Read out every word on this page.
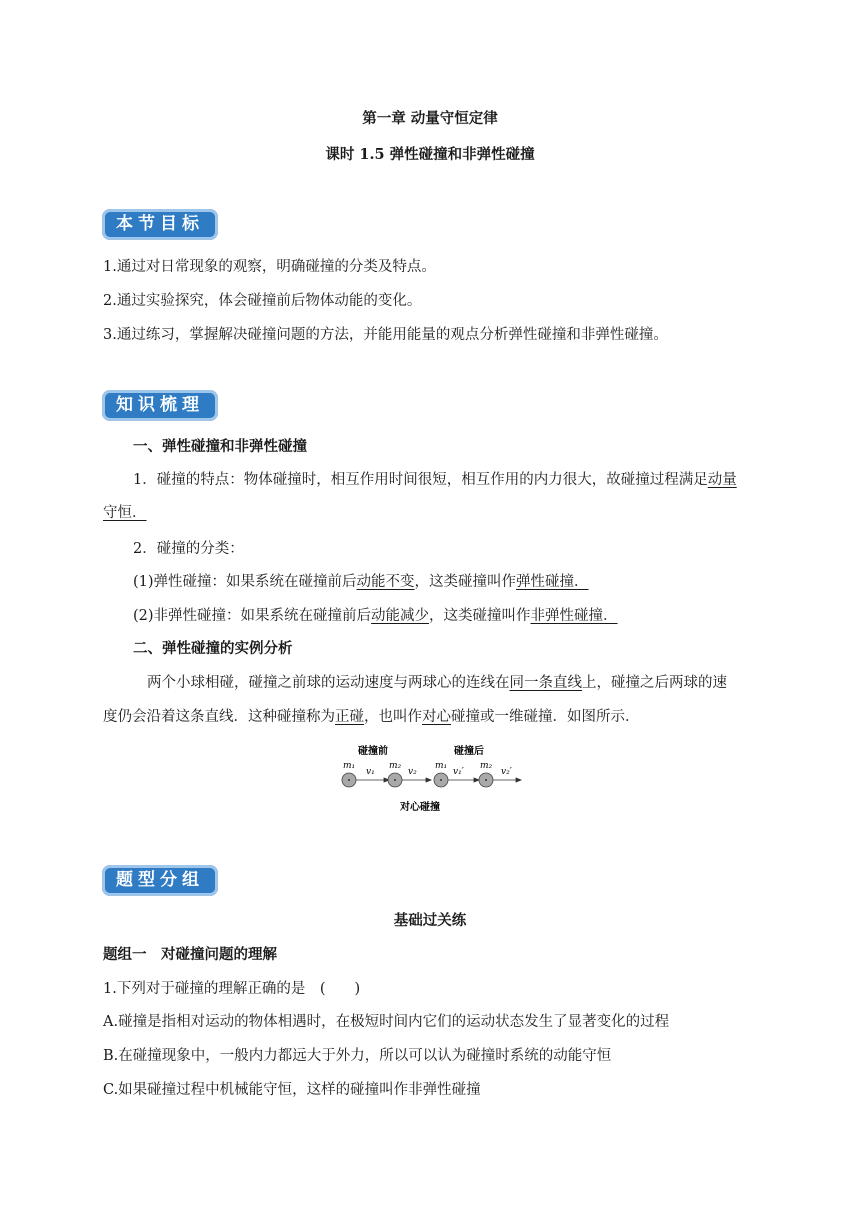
第一章 动量守恒定律
课时 1.5 弹性碰撞和非弹性碰撞
本节目标
1.通过对日常现象的观察，明确碰撞的分类及特点。
2.通过实验探究，体会碰撞前后物体动能的变化。
3.通过练习，掌握解决碰撞问题的方法，并能用能量的观点分析弹性碰撞和非弹性碰撞。
知识梳理
一、弹性碰撞和非弹性碰撞
1．碰撞的特点：物体碰撞时，相互作用时间很短，相互作用的内力很大，故碰撞过程满足动量
守恒．
2．碰撞的分类：
(1)弹性碰撞：如果系统在碰撞前后动能不变，这类碰撞叫作弹性碰撞．
(2)非弹性碰撞：如果系统在碰撞前后动能减少，这类碰撞叫作非弹性碰撞．
二、弹性碰撞的实例分析
两个小球相碰，碰撞之前球的运动速度与两球心的连线在同一条直线上，碰撞之后两球的速
度仍会沿着这条直线．这种碰撞称为正碰，也叫作对心碰撞或一维碰撞．如图所示．
碰撞前	碰撞后
m₁	m₂	m₁	m₂
v₁	v₂	v₁′	v₂′
对心碰撞
题型分组
基础过关练
题组一　对碰撞问题的理解
1.下列对于碰撞的理解正确的是　(　　)
A.碰撞是指相对运动的物体相遇时，在极短时间内它们的运动状态发生了显著变化的过程
B.在碰撞现象中，一般内力都远大于外力，所以可以认为碰撞时系统的动能守恒
C.如果碰撞过程中机械能守恒，这样的碰撞叫作非弹性碰撞
